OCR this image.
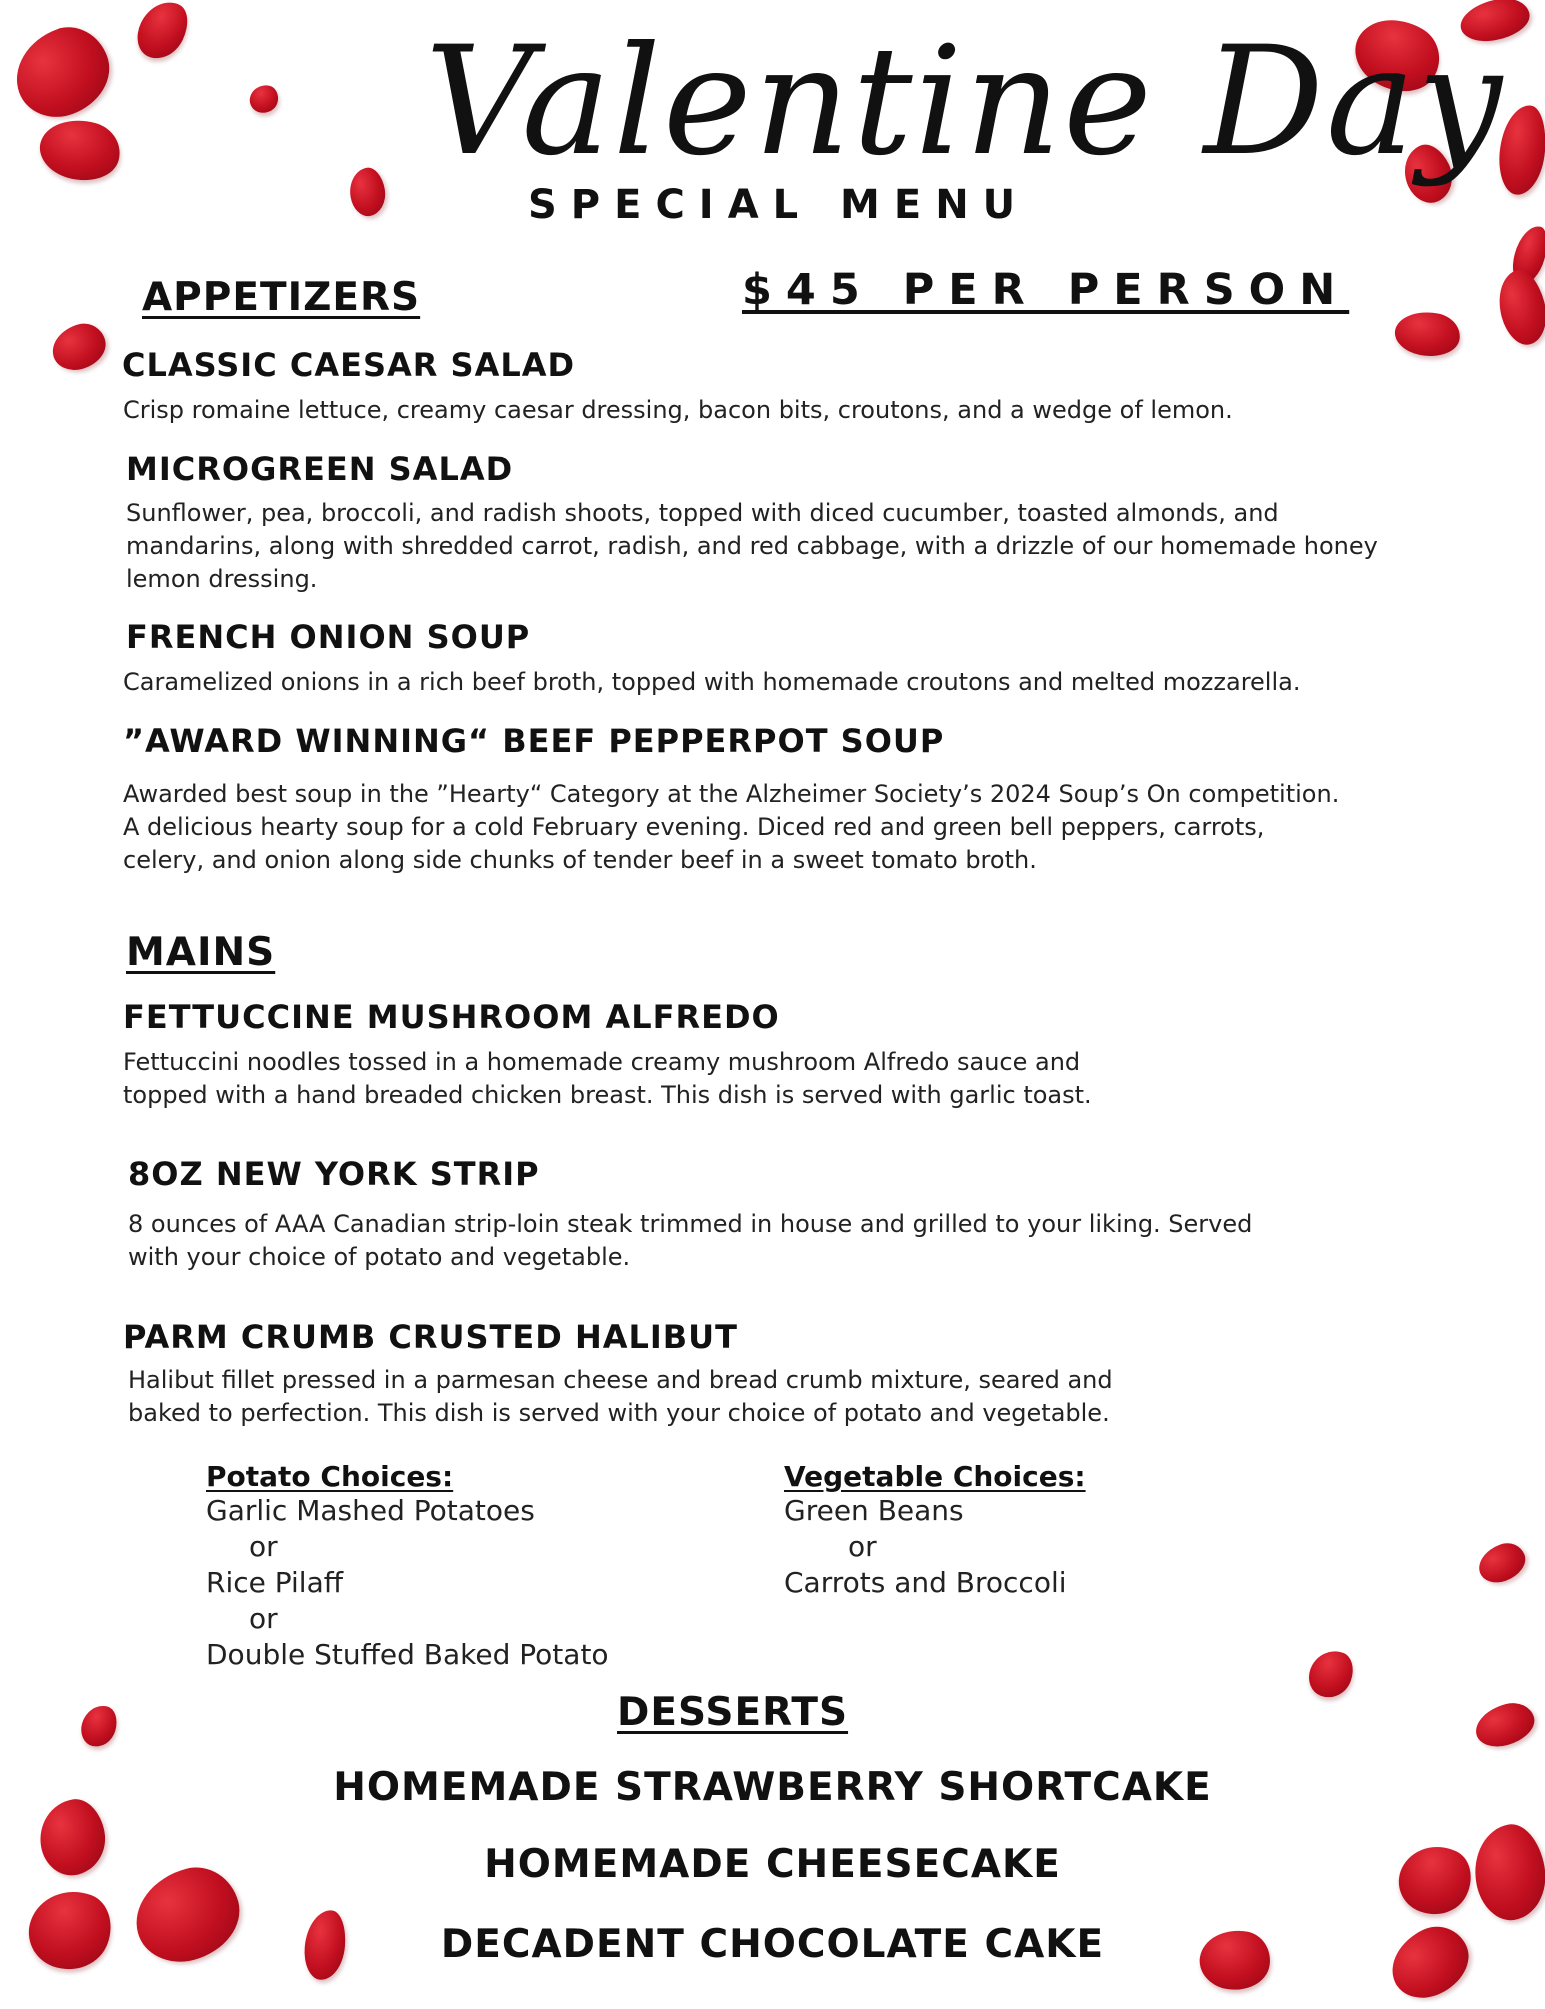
Valentine Day
SPECIAL MENU
$45 PER PERSON
APPETIZERS
CLASSIC CAESAR SALAD
Crisp romaine lettuce, creamy caesar dressing, bacon bits, croutons, and a wedge of lemon.
MICROGREEN SALAD
Sunflower, pea, broccoli, and radish shoots, topped with diced cucumber, toasted almonds, and
mandarins, along with shredded carrot, radish, and red cabbage, with a drizzle of our homemade honey
lemon dressing.
FRENCH ONION SOUP
Caramelized onions in a rich beef broth, topped with homemade croutons and melted mozzarella.
”AWARD WINNING“ BEEF PEPPERPOT SOUP
Awarded best soup in the ”Hearty“ Category at the Alzheimer Society’s 2024 Soup’s On competition.
A delicious hearty soup for a cold February evening. Diced red and green bell peppers, carrots,
celery, and onion along side chunks of tender beef in a sweet tomato broth.
MAINS
FETTUCCINE MUSHROOM ALFREDO
Fettuccini noodles tossed in a homemade creamy mushroom Alfredo sauce and
topped with a hand breaded chicken breast. This dish is served with garlic toast.
8OZ NEW YORK STRIP
8 ounces of AAA Canadian strip-loin steak trimmed in house and grilled to your liking. Served
with your choice of potato and vegetable.
PARM CRUMB CRUSTED HALIBUT
Halibut fillet pressed in a parmesan cheese and bread crumb mixture, seared and
baked to perfection. This dish is served with your choice of potato and vegetable.
Potato Choices:
Garlic Mashed Potatoes
or
Rice Pilaff
or
Double Stuffed Baked Potato
Vegetable Choices:
Green Beans
or
Carrots and Broccoli
DESSERTS
HOMEMADE STRAWBERRY SHORTCAKE
HOMEMADE CHEESECAKE
DECADENT CHOCOLATE CAKE
